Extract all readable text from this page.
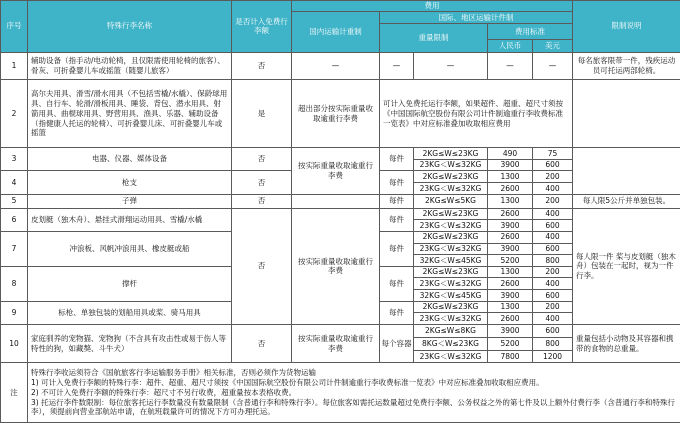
序号	特殊行李名称	是否计入免费行李额	费用					限制说明
			国内运输计重制	国际、地区运输计件制				
				重量限制		费用标准		
						人民币	美元	
1	辅助设备（指手动/电动轮椅，且仅限需使用轮椅的旅客）、骨灰、可折叠婴儿车或摇篮（随婴儿旅客）	否	—	—	—	—	—	每名旅客限带一件，残疾运动员可托运两部轮椅。
2	高尔夫用具、滑雪/滑水用具（不包括雪橇/水橇）、保龄球用具、自行车、轮滑/滑板用具、睡袋、背包、潜水用具、射箭用具、曲棍球用具、野营用具、渔具、乐器、辅助设备（指健康人托运的轮椅）、可折叠婴儿床、可折叠婴儿车或摇篮	是	超出部分按实际重量收取逾重行李费	可计入免费托运行李额，如果超件、超重、超尺寸须按《中国国际航空股份有限公司计件制逾重行李收费标准一览表》中对应标准叠加收取相应费用				
3	电器、仪器、媒体设备	否	按实际重量收取逾重行李费	每件	2KG≤W≤23KG	490	75	
					23KG＜W≤32KG	3900	600	
4	枪支	否		每件	2KG≤W≤23KG	1300	200	
					23KG＜W≤32KG	2600	400	
5	子弹	否		每件	2KG≤W≤5KG	1300	200	每人限5公斤并单独包装。
6	皮划艇（独木舟）、悬挂式滑翔运动用具、雪橇/水橇	否	按实际重量收取逾重行李费	每件	2KG≤W≤23KG	2600	400	每人限一件 桨与皮划艇（独木舟）包装在一起时，视为一件行李。
					23KG＜W≤32KG	3900	600	
7	冲浪板、风帆冲浪用具、橡皮艇或船			每件	2KG≤W≤23KG	2600	400	
					23KG＜W≤32KG	3900	600	
					32KG＜W≤45KG	5200	800	
8	撑杆			每件	2KG≤W≤23KG	1300	200	
					23KG＜W≤32KG	2600	400	
					32KG＜W≤45KG	3900	600	
9	标枪、单独包装的划船用具或桨、骑马用具			每件	2KG≤W≤23KG	1300	200	
					23KG＜W≤32KG	2600	400	
10	家庭驯养的宠物猫、宠物狗（不含具有攻击性或易于伤人等特性的狗，如藏獒、斗牛犬）	否	按实际重量收取逾重行李费	每个容器	2KG≤W≤8KG	3900	600	重量包括小动物及其容器和携带的食物的总重量。
					8KG＜W≤23KG	5200	800	
					23KG＜W≤32KG	7800	1200	
注	特殊行李收运须符合《国航旅客行李运输服务手册》相关标准，否则必须作为货物运输
1) 可计入免费行李额的特殊行李：超件、超重、超尺寸须按《中国国际航空股份有限公司计件制逾重行李收费标准一览表》中对应标准叠加收取相应费用。
2) 不可计入免费行李额的特殊行李：超尺寸不另行收费，超重量按本表格收费。
3) 托运行李件数限制：每位旅客托运行李数量没有数量限制（含普通行李和特殊行李）。每位旅客如需托运数量超过免费行李额、公务权益之外的第七件及以上额外付费行李（含普通行李和特殊行李），须提前向营业部航站申请，在航班载量许可的情况下方可办理托运。							
